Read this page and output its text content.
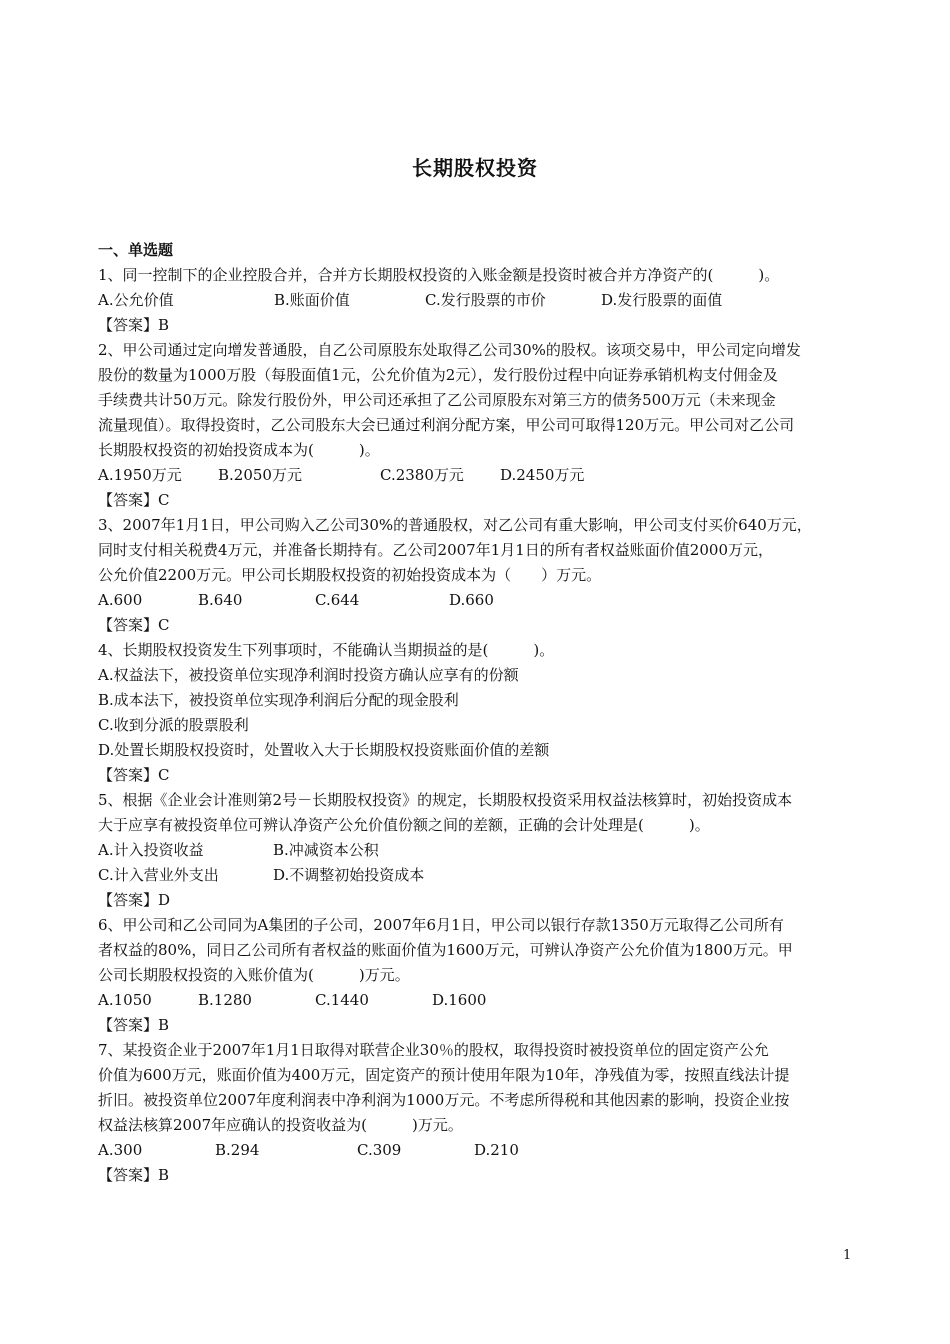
长期股权投资
一、单选题
1、同一控制下的企业控股合并，合并方长期股权投资的入账金额是投资时被合并方净资产的(　　　)。
A.公允价值	B.账面价值	C.发行股票的市价	D.发行股票的面值
【答案】B
2、甲公司通过定向增发普通股，自乙公司原股东处取得乙公司30%的股权。该项交易中，甲公司定向增发
股份的数量为1000万股（每股面值1元，公允价值为2元），发行股份过程中向证券承销机构支付佣金及
手续费共计50万元。除发行股份外，甲公司还承担了乙公司原股东对第三方的债务500万元（未来现金
流量现值）。取得投资时，乙公司股东大会已通过利润分配方案，甲公司可取得120万元。甲公司对乙公司
长期股权投资的初始投资成本为(　　　)。
A.1950万元	B.2050万元	C.2380万元	D.2450万元
【答案】C
3、2007年1月1日，甲公司购入乙公司30%的普通股权，对乙公司有重大影响，甲公司支付买价640万元，
同时支付相关税费4万元，并准备长期持有。乙公司2007年1月1日的所有者权益账面价值2000万元，
公允价值2200万元。甲公司长期股权投资的初始投资成本为（　　）万元。
A.600	B.640	C.644	D.660
【答案】C
4、长期股权投资发生下列事项时，不能确认当期损益的是(　　　)。
A.权益法下，被投资单位实现净利润时投资方确认应享有的份额
B.成本法下，被投资单位实现净利润后分配的现金股利
C.收到分派的股票股利
D.处置长期股权投资时，处置收入大于长期股权投资账面价值的差额
【答案】C
5、根据《企业会计准则第2号－长期股权投资》的规定，长期股权投资采用权益法核算时，初始投资成本
大于应享有被投资单位可辨认净资产公允价值份额之间的差额，正确的会计处理是(　　　)。
A.计入投资收益	B.冲减资本公积
C.计入营业外支出	D.不调整初始投资成本
【答案】D
6、甲公司和乙公司同为A集团的子公司，2007年6月1日，甲公司以银行存款1350万元取得乙公司所有
者权益的80%，同日乙公司所有者权益的账面价值为1600万元，可辨认净资产公允价值为1800万元。甲
公司长期股权投资的入账价值为(　　　)万元。
A.1050	B.1280	C.1440	D.1600
【答案】B
7、某投资企业于2007年1月1日取得对联营企业30％的股权，取得投资时被投资单位的固定资产公允
价值为600万元，账面价值为400万元，固定资产的预计使用年限为10年，净残值为零，按照直线法计提
折旧。被投资单位2007年度利润表中净利润为1000万元。不考虑所得税和其他因素的影响，投资企业按
权益法核算2007年应确认的投资收益为(　　　)万元。
A.300	B.294	C.309	D.210
【答案】B
1
